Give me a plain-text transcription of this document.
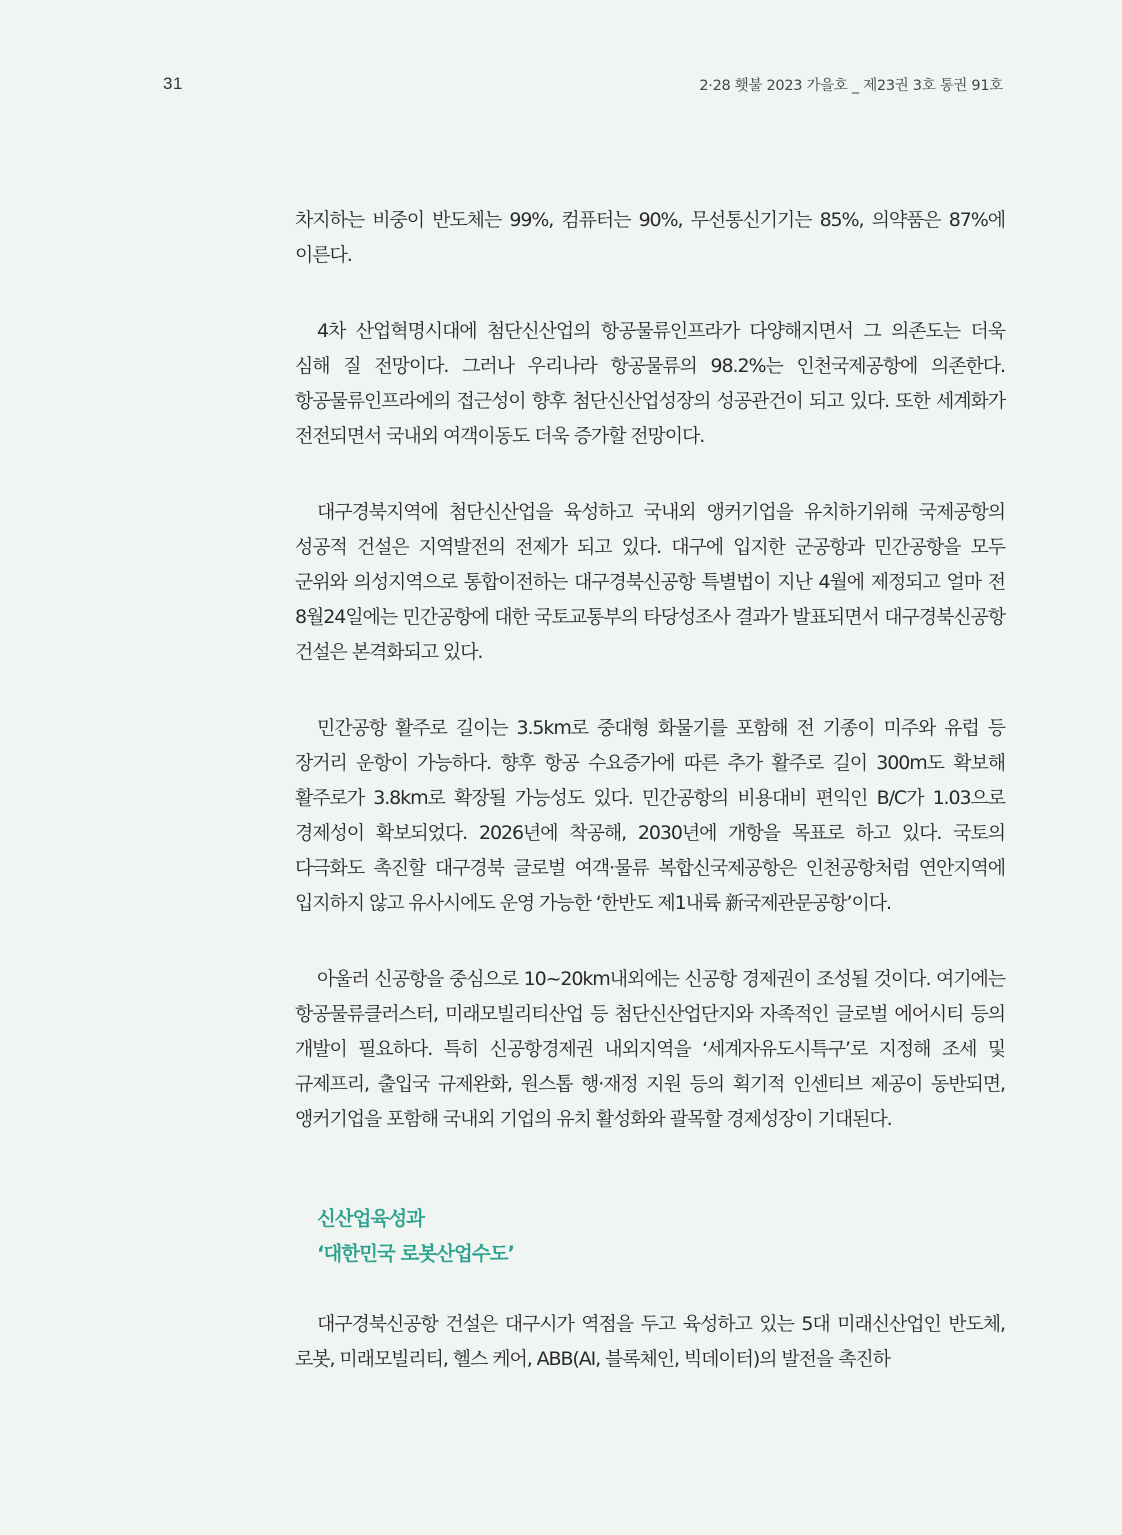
31	2·28 횃불 2023 가을호 _ 제23권 3호 통권 91호

차지하는 비중이 반도체는 99%, 컴퓨터는 90%, 무선통신기기는 85%, 의약품은 87%에 이른다.

4차 산업혁명시대에 첨단신산업의 항공물류인프라가 다양해지면서 그 의존도는 더욱 심해 질 전망이다. 그러나 우리나라 항공물류의 98.2%는 인천국제공항에 의존한다. 항공물류인프라에의 접근성이 향후 첨단신산업성장의 성공관건이 되고 있다. 또한 세계화가 전전되면서 국내외 여객이동도 더욱 증가할 전망이다.

대구경북지역에 첨단신산업을 육성하고 국내외 앵커기업을 유치하기위해 국제공항의 성공적 건설은 지역발전의 전제가 되고 있다. 대구에 입지한 군공항과 민간공항을 모두 군위와 의성지역으로 통합이전하는 대구경북신공항 특별법이 지난 4월에 제정되고 얼마 전 8월24일에는 민간공항에 대한 국토교통부의 타당성조사 결과가 발표되면서 대구경북신공항 건설은 본격화되고 있다.

민간공항 활주로 길이는 3.5km로 중대형 화물기를 포함해 전 기종이 미주와 유럽 등 장거리 운항이 가능하다. 향후 항공 수요증가에 따른 추가 활주로 길이 300m도 확보해 활주로가 3.8km로 확장될 가능성도 있다. 민간공항의 비용대비 편익인 B/C가 1.03으로 경제성이 확보되었다. 2026년에 착공해, 2030년에 개항을 목표로 하고 있다. 국토의 다극화도 촉진할 대구경북 글로벌 여객·물류 복합신국제공항은 인천공항처럼 연안지역에 입지하지 않고 유사시에도 운영 가능한 ‘한반도 제1내륙 新국제관문공항’이다.

아울러 신공항을 중심으로 10~20km내외에는 신공항 경제권이 조성될 것이다. 여기에는 항공물류클러스터, 미래모빌리티산업 등 첨단신산업단지와 자족적인 글로벌 에어시티 등의 개발이 필요하다. 특히 신공항경제권 내외지역을 ‘세계자유도시특구’로 지정해 조세 및 규제프리, 출입국 규제완화, 원스톱 행·재정 지원 등의 획기적 인센티브 제공이 동반되면, 앵커기업을 포함해 국내외 기업의 유치 활성화와 괄목할 경제성장이 기대된다.

신산업육성과
‘대한민국 로봇산업수도’

대구경북신공항 건설은 대구시가 역점을 두고 육성하고 있는 5대 미래신산업인 반도체, 로봇, 미래모빌리티, 헬스 케어, ABB(AI, 블록체인, 빅데이터)의 발전을 촉진하
